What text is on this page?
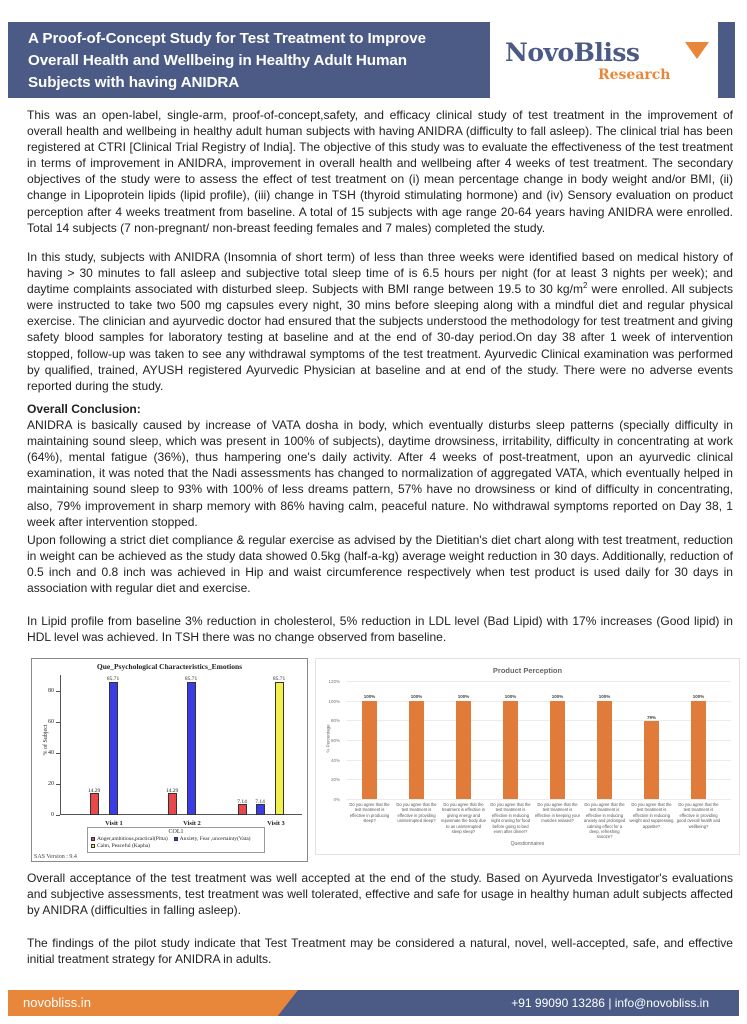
A Proof-of-Concept Study for Test Treatment to Improve
Overall Health and Wellbeing in Healthy Adult Human
Subjects with having ANIDRA
NovoBliss
Research

This was an open-label, single-arm, proof-of-concept,safety, and efficacy clinical study of test treatment in the improvement of overall health and wellbeing in healthy adult human subjects with having ANIDRA (difficulty to fall asleep). The clinical trial has been registered at CTRI [Clinical Trial Registry of India]. The objective of this study was to evaluate the effectiveness of the test treatment in terms of improvement in ANIDRA, improvement in overall health and wellbeing after 4 weeks of test treatment. The secondary objectives of the study were to assess the effect of test treatment on (i) mean percentage change in body weight and/or BMI, (ii) change in Lipoprotein lipids (lipid profile), (iii) change in TSH (thyroid stimulating hormone) and (iv) Sensory evaluation on product perception after 4 weeks treatment from baseline. A total of 15 subjects with age range 20-64 years having ANIDRA were enrolled. Total 14 subjects (7 non-pregnant/ non-breast feeding females and 7 males) completed the study.

In this study, subjects with ANIDRA (Insomnia of short term) of less than three weeks were identified based on medical history of having > 30 minutes to fall asleep and subjective total sleep time of is 6.5 hours per night (for at least 3 nights per week); and daytime complaints associated with disturbed sleep. Subjects with BMI range between 19.5 to 30 $kg/m^2$ were enrolled. All subjects were instructed to take two 500 mg capsules every night, 30 mins before sleeping along with a mindful diet and regular physical exercise. The clinician and ayurvedic doctor had ensured that the subjects understood the methodology for test treatment and giving safety blood samples for laboratory testing at baseline and at the end of 30-day period.On day 38 after 1 week of intervention stopped, follow-up was taken to see any withdrawal symptoms of the test treatment. Ayurvedic Clinical examination was performed by qualified, trained, AYUSH registered Ayurvedic Physician at baseline and at end of the study. There were no adverse events reported during the study.

Overall Conclusion:
ANIDRA is basically caused by increase of VATA dosha in body, which eventually disturbs sleep patterns (specially difficulty in maintaining sound sleep, which was present in 100% of subjects), daytime drowsiness, irritability, difficulty in concentrating at work (64%), mental fatigue (36%), thus hampering one's daily activity. After 4 weeks of post-treatment, upon an ayurvedic clinical examination, it was noted that the Nadi assessments has changed to normalization of aggregated VATA, which eventually helped in maintaining sound sleep to 93% with 100% of less dreams pattern, 57% have no drowsiness or kind of difficulty in concentrating, also, 79% improvement in sharp memory with 86% having calm, peaceful nature. No withdrawal symptoms reported on Day 38, 1 week after intervention stopped.

Upon following a strict diet compliance & regular exercise as advised by the Dietitian's diet chart along with test treatment, reduction in weight can be achieved as the study data showed 0.5kg (half-a-kg) average weight reduction in 30 days. Additionally, reduction of 0.5 inch and 0.8 inch was achieved in Hip and waist circumference respectively when test product is used daily for 30 days in association with regular diet and exercise.

In Lipid profile from baseline 3% reduction in cholesterol, 5% reduction in LDL level (Bad Lipid) with 17% increases (Good lipid) in HDL level was achieved. In TSH there was no change observed from baseline.

Que_Psychological Characteristics_Emotions
% of Subject
0
20
40
60
80
14.29
85.71
Visit 1
14.29
85.71
Visit 2
7.14	7.14
85.71
Visit 3
COL1
Anger,ambitious,practical(Pitta)	Anxiety, Fear ,uncertainty(Vata)
Calm, Peaceful (Kapha)
SAS Version : 9.4
Product Perception
% Percentage
0%
20%
40%
60%
80%
100%
120%
100%
Do you agree that the test treatment is effective in producing sleep?
100%
Do you agree that the test treatment is effective in providing uninterrupted sleep?
100%
Do you agree that the treatment is effective in giving energy and rejuvenate the body due to an uninterrupted sleep sleep?
100%
Do you agree that the test treatment is effective in reducing night craving for food before going to bed even after dinner?
100%
Do you agree that the test treatment is effective in keeping your muscles relaxed?
100%
Do you agree that the test treatment is effective in reducing anxiety and prolonged calming effect for a deep, refreshing snooze?
79%
Do you agree that the test treatment is effective in reducing weight and suppressing appetite?
100%
Do you agree that the test treatment is effective in providing good overall health and wellbeing?
Questionnaires

Overall acceptance of the test treatment was well accepted at the end of the study. Based on Ayurveda Investigator's evaluations and subjective assessments, test treatment was well tolerated, effective and safe for usage in healthy human adult subjects affected by ANIDRA (difficulties in falling asleep).

The findings of the pilot study indicate that Test Treatment may be considered a natural, novel, well-accepted, safe, and effective initial treatment strategy for ANIDRA in adults.

novobliss.in	+91 99090 13286 | info@novobliss.in
